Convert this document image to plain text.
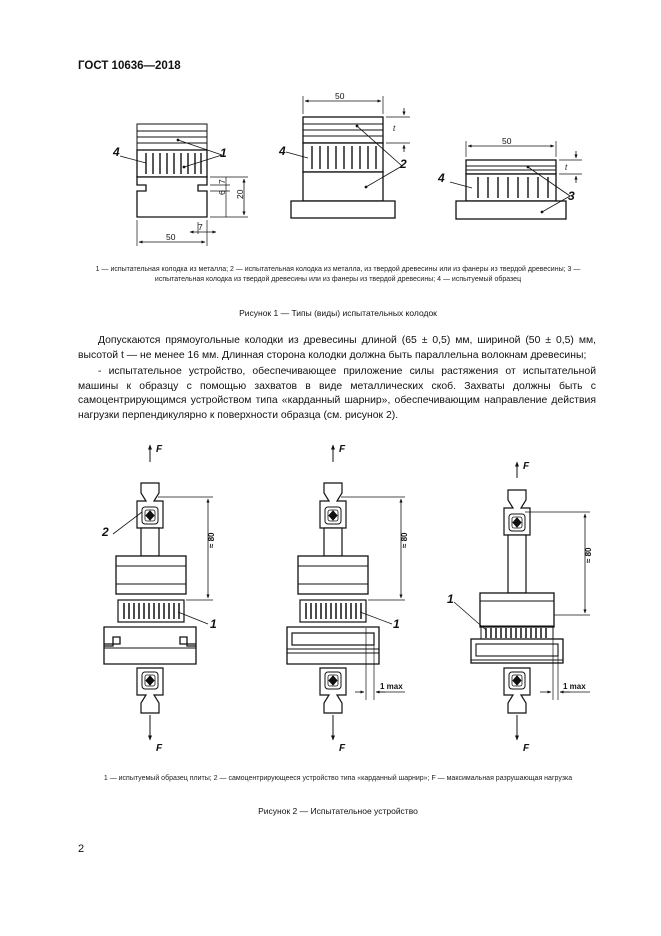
ГОСТ 10636—2018
4	1	4
2
4
3
50
7
50
50
20
7
6
t
t
1 — испытательная колодка из металла; 2 — испытательная колодка из металла, из твердой древесины или из фанеры из твердой древесины; 3 — испытательная колодка из твердой древесины или из фанеры из твердой древесины; 4 — испытуемый образец
Рисунок 1 — Типы (виды) испытательных колодок

Допускаются прямоугольные колодки из древесины длиной (65 ± 0,5) мм, шириной (50 ± 0,5) мм, высотой t — не менее 16 мм. Длинная сторона колодки должна быть параллельна волокнам древесины;

- испытательное устройство, обеспечивающее приложение силы растяжения от испытательной машины к образцу с помощью захватов в виде металлических скоб. Захваты должны быть с самоцентрирующимся устройством типа «карданный шарнир», обеспечивающим направление действия нагрузки перпендикулярно к поверхности образца (см. рисунок 2).

F	F
F
F	F	F
2
1	1
1
≈ 80	≈ 80
≈ 80
1 max	1 max
1 — испытуемый образец плиты; 2 — самоцентрирующееся устройство типа «карданный шарнир»; F — максимальная разрушающая нагрузка
Рисунок 2 — Испытательное устройство
2
